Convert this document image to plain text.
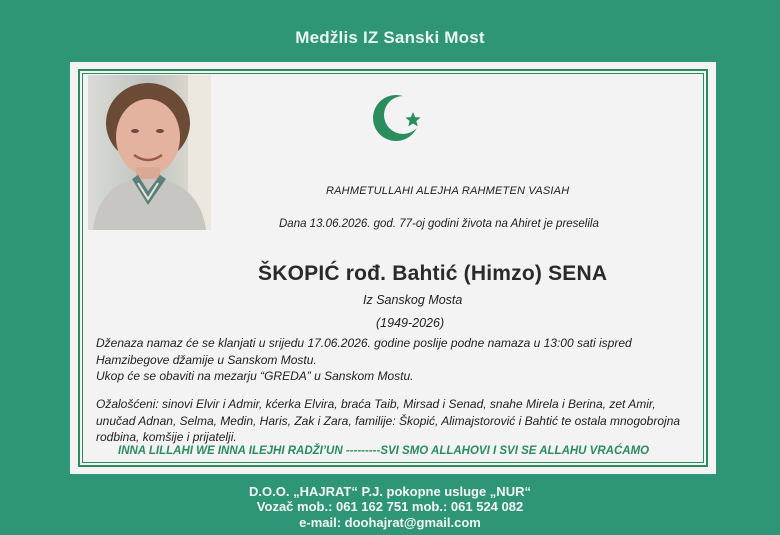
Medžlis IZ Sanski Most
RAHMETULLAHI ALEJHA RAHMETEN VASIAH
Dana 13.06.2026. god. 77-oj godini života na Ahiret je preselila
ŠKOPIĆ rođ. Bahtić (Himzo) SENA
Iz Sanskog Mosta
(1949-2026)
Dženaza namaz će se klanjati u srijedu 17.06.2026. godine poslije podne namaza u 13:00 sati ispred Hamzibegove džamije u Sanskom Mostu.
Ukop će se obaviti na mezarju “GREDA” u Sanskom Mostu.
Ožalošćeni: sinovi Elvir i Admir, kćerka Elvira, braća Taib, Mirsad i Senad, snahe Mirela i Berina, zet Amir, unučad Adnan, Selma, Medin, Haris, Zak i Zara, familije: Škopić, Alimajstorović i Bahtić te ostala mnogobrojna rodbina, komšije i prijatelji.
INNA LILLAHI WE INNA ILEJHI RADŽI’UN ---------SVI SMO ALLAHOVI I SVI SE ALLAHU VRAĆAMO
D.O.O. „HAJRAT“ P.J. pokopne usluge „NUR“
Vozač mob.: 061 162 751 mob.: 061 524 082
e-mail: doohajrat@gmail.com
